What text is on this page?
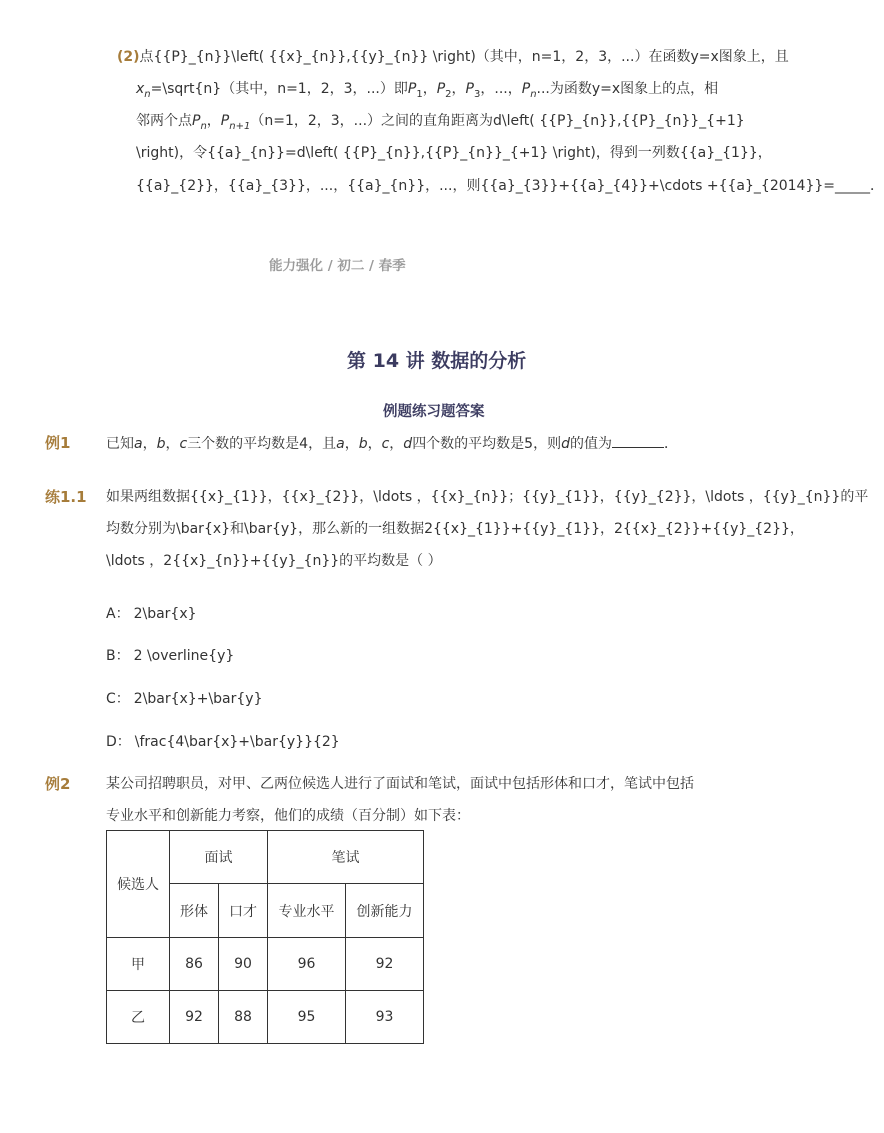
(2)点{{P}_{n}}\left( {{x}_{n}},{{y}_{n}} \right)（其中，n=1，2，3，...）在函数y=x图象上，且
$x_n=\backslash sqrt\{n\}$（其中，n=1，2，3，...）即$P_1$，$P_2$，$P_3$，...，$P_n$...为函数y=x图象上的点，相
邻两个点$P_n$，$P_{n+1}(n=1$，2，3，...）之间的直角距离为d\left( {{P}_{n}},{{P}_{n}}_{+1}
\right)，令{{a}_{n}}=d\left( {{P}_{n}},{{P}_{n}}_{+1} \right)，得到一列数{{a}_{1}}，
{{a}_{2}}，{{a}_{3}}，...，{{a}_{n}}，...，则{{a}_{3}}+{{a}_{4}}+\cdots +{{a}_{2014}}=_____．
能力强化 / 初二 / 春季
第 14 讲 数据的分析
例题练习题答案
例1	已知a，b，c三个数的平均数是4，且a，b，c，d四个数的平均数是5，则d的值为	．
练1.1 如果两组数据{{x}_{1}}，{{x}_{2}}，\ldots ，{{x}_{n}}；{{y}_{1}}，{{y}_{2}}，\ldots ，{{y}_{n}}的平
均数分别为\bar{x}和\bar{y}，那么新的一组数据2{{x}_{1}}+{{y}_{1}}，2{{x}_{2}}+{{y}_{2}}，
\ldots ，2{{x}_{n}}+{{y}_{n}}的平均数是（ ）
A： 2\bar{x}
B： 2 \overline{y}
C： 2\bar{x}+\bar{y}
D： \frac{4\bar{x}+\bar{y}}{2}
例2	某公司招聘职员，对甲、乙两位候选人进行了面试和笔试，面试中包括形体和口才，笔试中包括
专业水平和创新能力考察，他们的成绩（百分制）如下表：
候选人	面试		笔试	
	形体	口才	专业水平	创新能力
甲	86	90	96	92
乙	92	88	95	93
